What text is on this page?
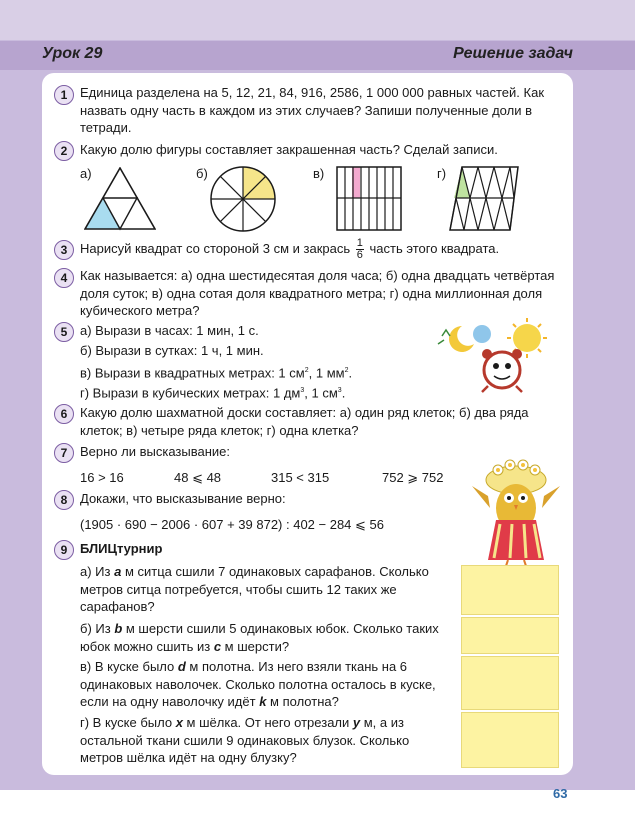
Урок 29	Решение задач
1 Единица разделена на 5, 12, 21, 84, 916, 2586, 1 000 000 равных частей. Как назвать одну часть в каждом из этих случаев? Запиши полученные доли в тетради.
2 Какую долю фигуры составляет закрашенная часть? Сделай записи.
а)	б)	в)	г)
3 Нарисуй квадрат со стороной 3 см и закрась $\frac{1}{6}$ часть этого квадрата.
4 Как называется: а) одна шестидесятая доля часа; б) одна двадцать четвёртая доля суток; в) одна сотая доля квадратного метра; г) одна миллионная доля кубического метра?
5 а) Вырази в часах: 1 мин, 1 с.
б) Вырази в сутках: 1 ч, 1 мин.
в) Вырази в квадратных метрах: 1 $см^2$, 1 $мм^2$.
г) Вырази в кубических метрах: 1 $дм^3$, 1 $см^3$.
6 Какую долю шахматной доски составляет: а) один ряд клеток; б) два ряда клеток; в) четыре ряда клеток; г) одна клетка?
7 Верно ли высказывание:
16 > 16	48 ⩽ 48	315 < 315	752 ⩾ 752
8 Докажи, что высказывание верно:
(1905 · 690 − 2006 · 607 + 39 872) : 402 − 284 ⩽ 56
9 БЛИЦтурнир
а) Из a м ситца сшили 7 одинаковых сарафанов. Сколько метров ситца потребуется, чтобы сшить 12 таких же сарафанов?
б) Из b м шерсти сшили 5 одинаковых юбок. Сколько таких юбок можно сшить из c м шерсти?
в) В куске было d м полотна. Из него взяли ткань на 6 одинаковых наволочек. Сколько полотна осталось в куске, если на одну наволочку идёт k м полотна?
г) В куске было x м шёлка. От него отрезали y м, а из остальной ткани сшили 9 одинаковых блузок. Сколько метров шёлка идёт на одну блузку?
63
